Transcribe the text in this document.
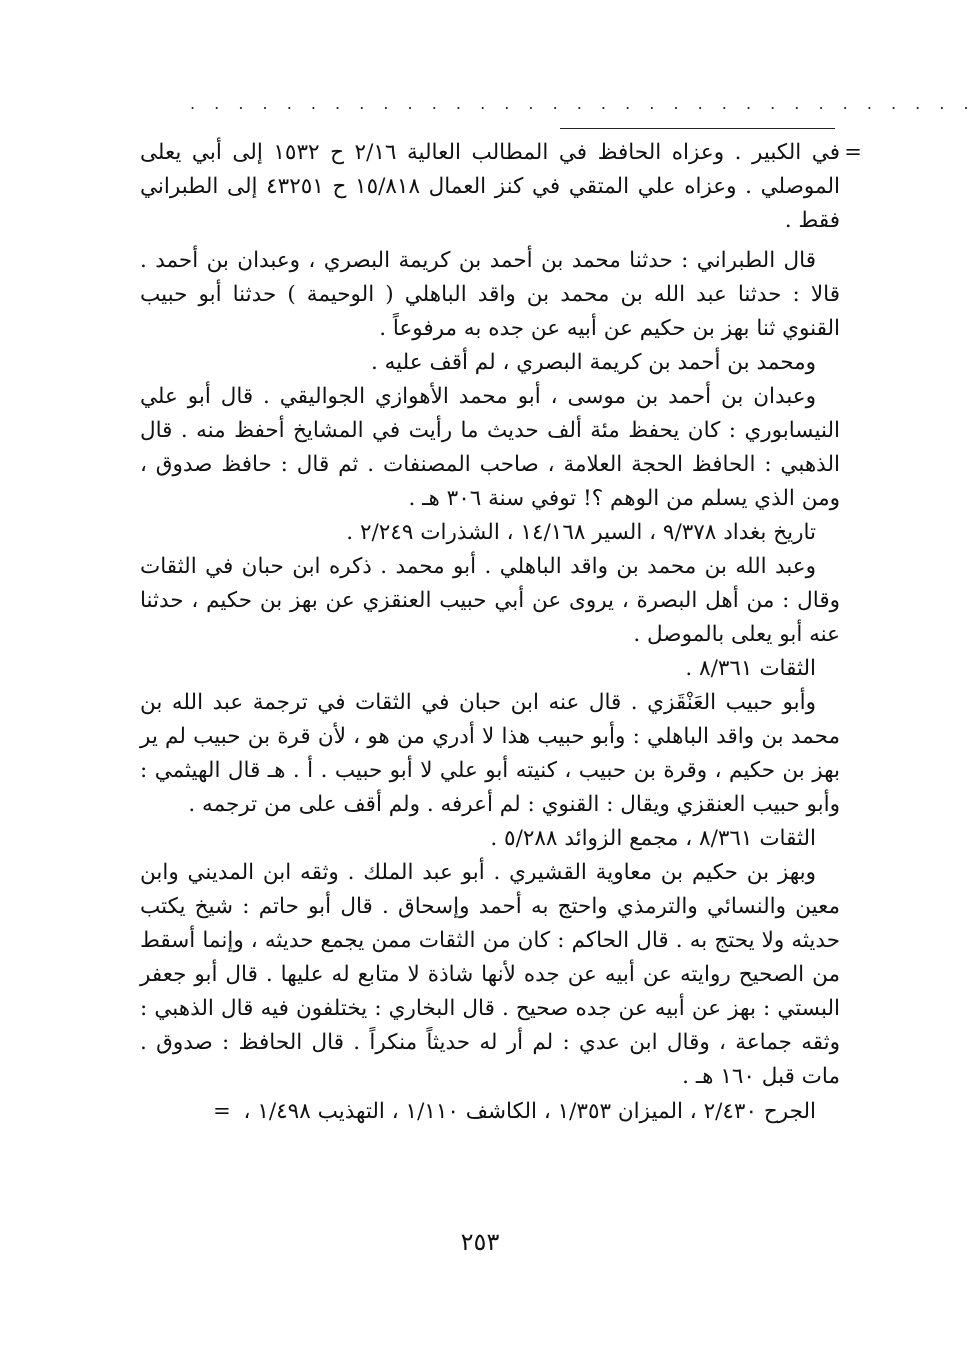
. . . . . . . . . . . . . . . . . . . . . . . . . . . . . . . . .

=في الكبير . وعزاه الحافظ في المطالب العالية ٢/١٦ ح ١٥٣٢ إلى أبي يعلى الموصلي . وعزاه علي المتقي في كنز العمال ١٥/٨١٨ ح ٤٣٢٥١ إلى الطبراني فقط .

قال الطبراني : حدثنا محمد بن أحمد بن كريمة البصري ، وعبدان بن أحمد . قالا : حدثنا عبد الله بن محمد بن واقد الباهلي ( الوحيمة ) حدثنا أبو حبيب القنوي ثنا بهز بن حكيم عن أبيه عن جده به مرفوعاً .

ومحمد بن أحمد بن كريمة البصري ، لم أقف عليه .

وعبدان بن أحمد بن موسى ، أبو محمد الأهوازي الجواليقي . قال أبو علي النيسابوري : كان يحفظ مئة ألف حديث ما رأيت في المشايخ أحفظ منه . قال الذهبي : الحافظ الحجة العلامة ، صاحب المصنفات . ثم قال : حافظ صدوق ، ومن الذي يسلم من الوهم ؟! توفي سنة ٣٠٦ هـ .

تاريخ بغداد ٩/٣٧٨ ، السير ١٤/١٦٨ ، الشذرات ٢/٢٤٩ .

وعبد الله بن محمد بن واقد الباهلي . أبو محمد . ذكره ابن حبان في الثقات وقال : من أهل البصرة ، يروى عن أبي حبيب العنقزي عن بهز بن حكيم ، حدثنا عنه أبو يعلى بالموصل .

الثقات ٨/٣٦١ .

وأبو حبيب العَنْقَزي . قال عنه ابن حبان في الثقات في ترجمة عبد الله بن محمد بن واقد الباهلي : وأبو حبيب هذا لا أدري من هو ، لأن قرة بن حبيب لم ير بهز بن حكيم ، وقرة بن حبيب ، كنيته أبو علي لا أبو حبيب . أ . هـ قال الهيثمي : وأبو حبيب العنقزي ويقال : القنوي : لم أعرفه . ولم أقف على من ترجمه .

الثقات ٨/٣٦١ ، مجمع الزوائد ٥/٢٨٨ .

وبهز بن حكيم بن معاوية القشيري . أبو عبد الملك . وثقه ابن المديني وابن معين والنسائي والترمذي واحتج به أحمد وإسحاق . قال أبو حاتم : شيخ يكتب حديثه ولا يحتج به . قال الحاكم : كان من الثقات ممن يجمع حديثه ، وإنما أسقط من الصحيح روايته عن أبيه عن جده لأنها شاذة لا متابع له عليها . قال أبو جعفر البستي : بهز عن أبيه عن جده صحيح . قال البخاري : يختلفون فيه قال الذهبي : وثقه جماعة ، وقال ابن عدي : لم أر له حديثاً منكراً . قال الحافظ : صدوق . مات قبل ١٦٠ هـ .

الجرح ٢/٤٣٠ ، الميزان ١/٣٥٣ ، الكاشف ١/١١٠ ، التهذيب ١/٤٩٨ ، =

٢٥٣
